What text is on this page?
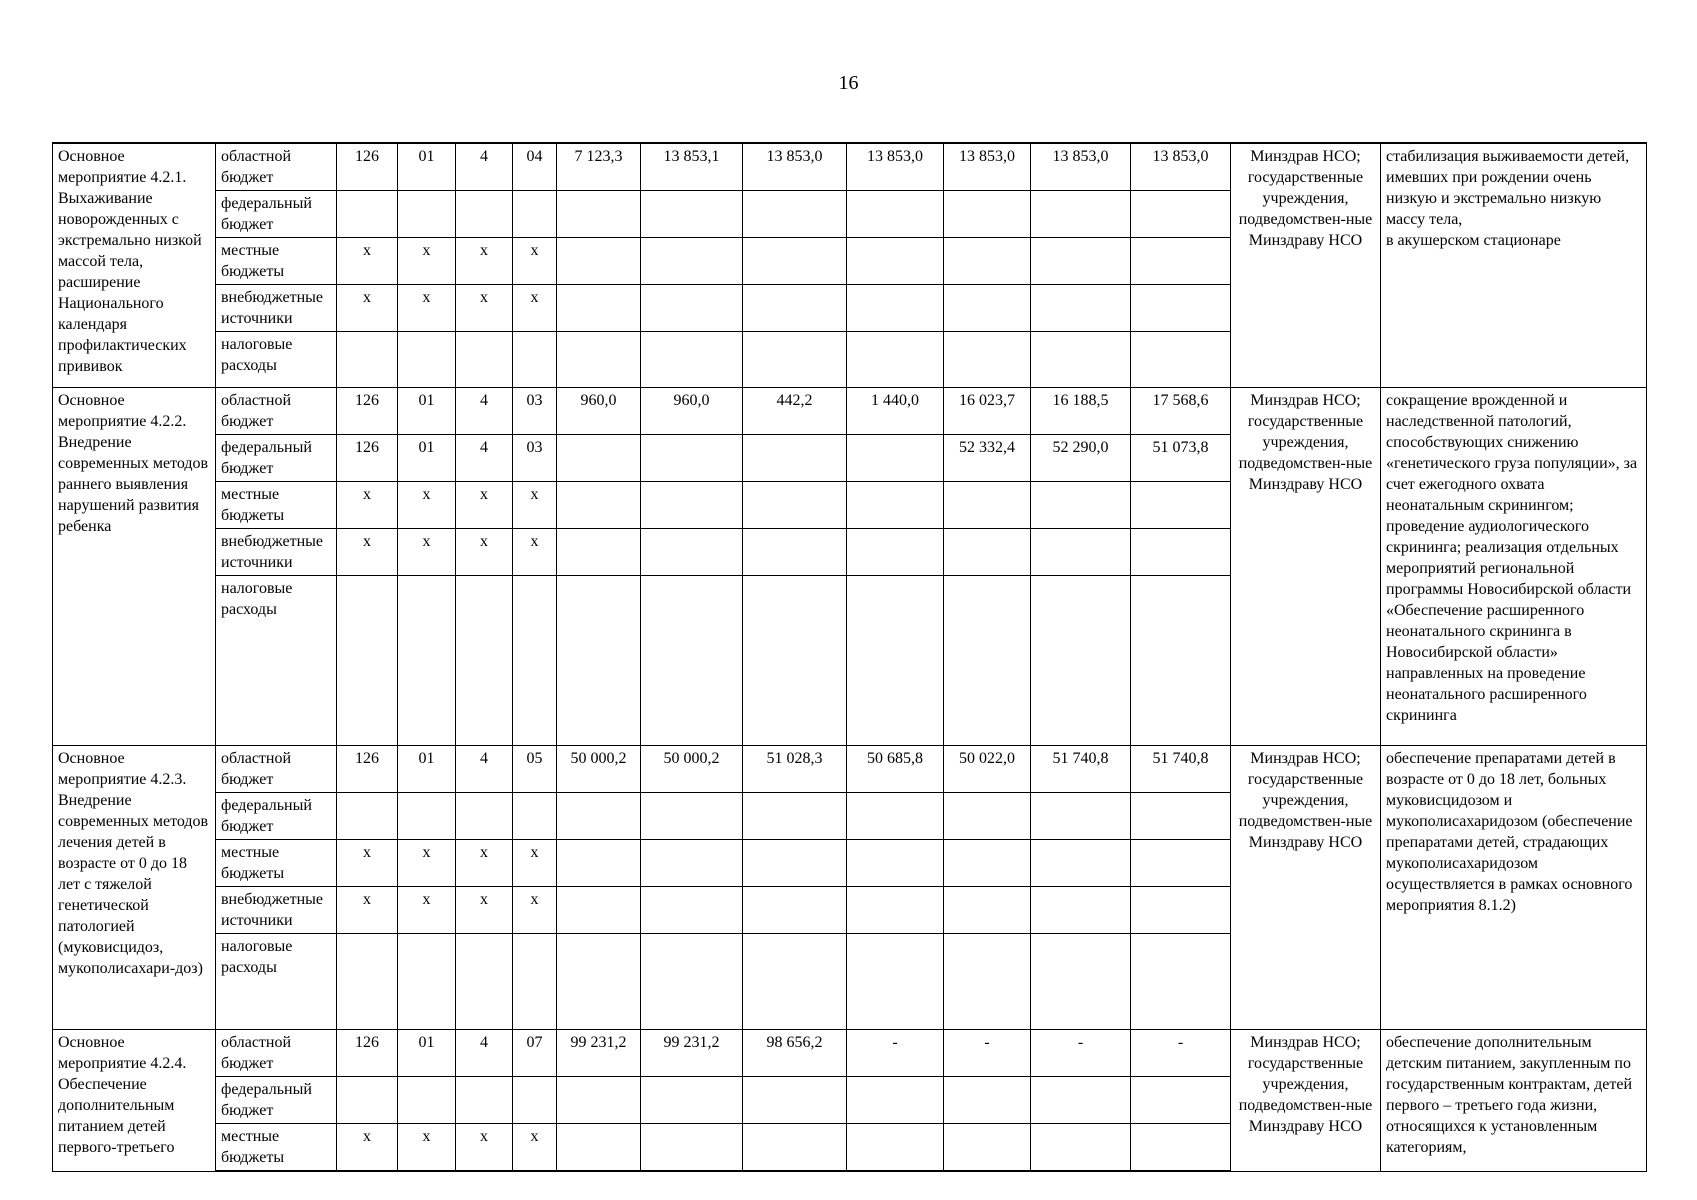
16
Основное мероприятие 4.2.1. Выхаживание новорожденных с экстремально низкой массой тела, расширение Национального календаря профилактических прививок	областной бюджет	126	01	4	04	7 123,3	13 853,1	13 853,0	13 853,0	13 853,0	13 853,0	13 853,0	Минздрав НСО; государственные учреждения, подведомствен-ные Минздраву НСО	стабилизация выживаемости детей, имевших при рождении очень низкую и экстремально низкую массу тела,
в акушерском стационаре
	федеральный бюджет													
	местные бюджеты	х	х	х	х									
	внебюджетные источники	х	х	х	х									
	налоговые расходы													
Основное мероприятие 4.2.2. Внедрение современных методов раннего выявления нарушений развития ребенка	областной бюджет	126	01	4	03	960,0	960,0	442,2	1 440,0	16 023,7	16 188,5	17 568,6	Минздрав НСО; государственные учреждения, подведомствен-ные Минздраву НСО	сокращение врожденной и наследственной патологий, способствующих снижению «генетического груза популяции», за счет ежегодного охвата неонатальным скринингом; проведение аудиологического скрининга; реализация отдельных мероприятий региональной программы Новосибирской области «Обеспечение расширенного неонатального скрининга в Новосибирской области» направленных на проведение неонатального расширенного скрининга
	федеральный бюджет	126	01	4	03					52 332,4	52 290,0	51 073,8		
	местные бюджеты	х	х	х	х									
	внебюджетные источники	х	х	х	х									
	налоговые расходы													
Основное мероприятие 4.2.3. Внедрение современных методов лечения детей в возрасте от 0 до 18 лет с тяжелой генетической патологией (муковисцидоз, мукополисахари-доз)	областной бюджет	126	01	4	05	50 000,2	50 000,2	51 028,3	50 685,8	50 022,0	51 740,8	51 740,8	Минздрав НСО; государственные учреждения, подведомствен-ные Минздраву НСО	обеспечение препаратами детей в возрасте от 0 до 18 лет, больных муковисцидозом и мукополисахаридозом (обеспечение препаратами детей, страдающих мукополисахаридозом осуществляется в рамках основного мероприятия 8.1.2)
	федеральный бюджет													
	местные бюджеты	х	х	х	х									
	внебюджетные источники	х	х	х	х									
	налоговые расходы													
Основное мероприятие 4.2.4. Обеспечение дополнительным питанием детей первого-третьего	областной бюджет	126	01	4	07	99 231,2	99 231,2	98 656,2	-	-	-	-	Минздрав НСО; государственные учреждения, подведомствен-ные Минздраву НСО	обеспечение дополнительным детским питанием, закупленным по государственным контрактам, детей первого – третьего года жизни, относящихся к установленным категориям,
	федеральный бюджет													
	местные бюджеты	х	х	х	х									
